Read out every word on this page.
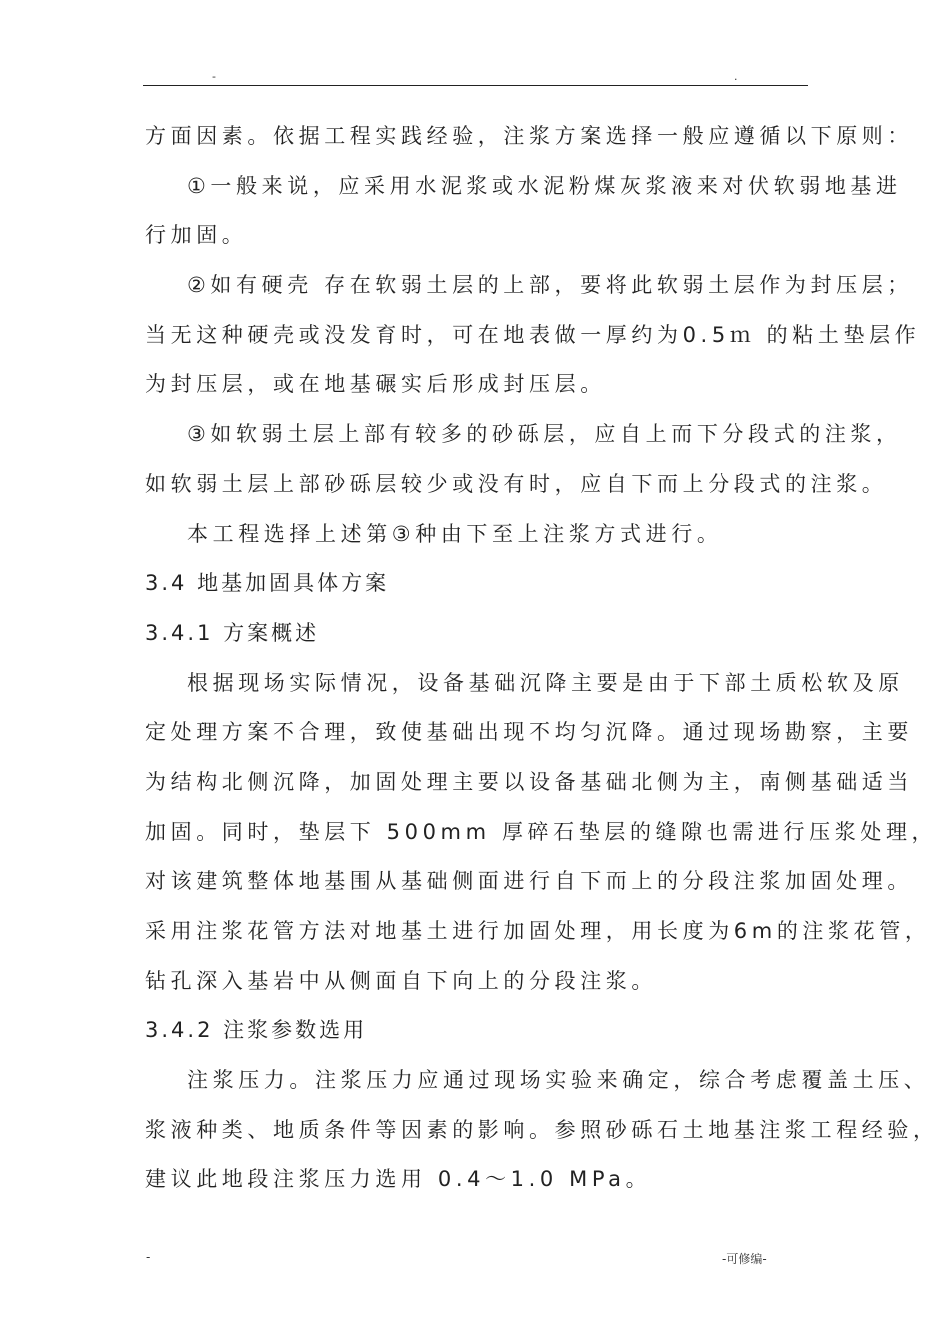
-	.
方面因素。依据工程实践经验，注浆方案选择一般应遵循以下原则：
①一般来说，应采用水泥浆或水泥粉煤灰浆液来对伏软弱地基进
行加固。
②如有硬壳 存在软弱土层的上部，要将此软弱土层作为封压层；
当无这种硬壳或没发育时，可在地表做一厚约为0.5ｍ 的粘土垫层作
为封压层，或在地基碾实后形成封压层。
③如软弱土层上部有较多的砂砾层，应自上而下分段式的注浆，
如软弱土层上部砂砾层较少或没有时，应自下而上分段式的注浆。
本工程选择上述第③种由下至上注浆方式进行。
3.4 地基加固具体方案
3.4.1 方案概述
根据现场实际情况，设备基础沉降主要是由于下部土质松软及原
定处理方案不合理，致使基础出现不均匀沉降。通过现场勘察，主要
为结构北侧沉降，加固处理主要以设备基础北侧为主，南侧基础适当
加固。同时，垫层下 500mm 厚碎石垫层的缝隙也需进行压浆处理，
对该建筑整体地基围从基础侧面进行自下而上的分段注浆加固处理。
采用注浆花管方法对地基土进行加固处理，用长度为6m的注浆花管，
钻孔深入基岩中从侧面自下向上的分段注浆。
3.4.2 注浆参数选用
注浆压力。注浆压力应通过现场实验来确定，综合考虑覆盖土压、
浆液种类、地质条件等因素的影响。参照砂砾石土地基注浆工程经验，
建议此地段注浆压力选用 0.4～1.0 MPa。
-	-可修编-
